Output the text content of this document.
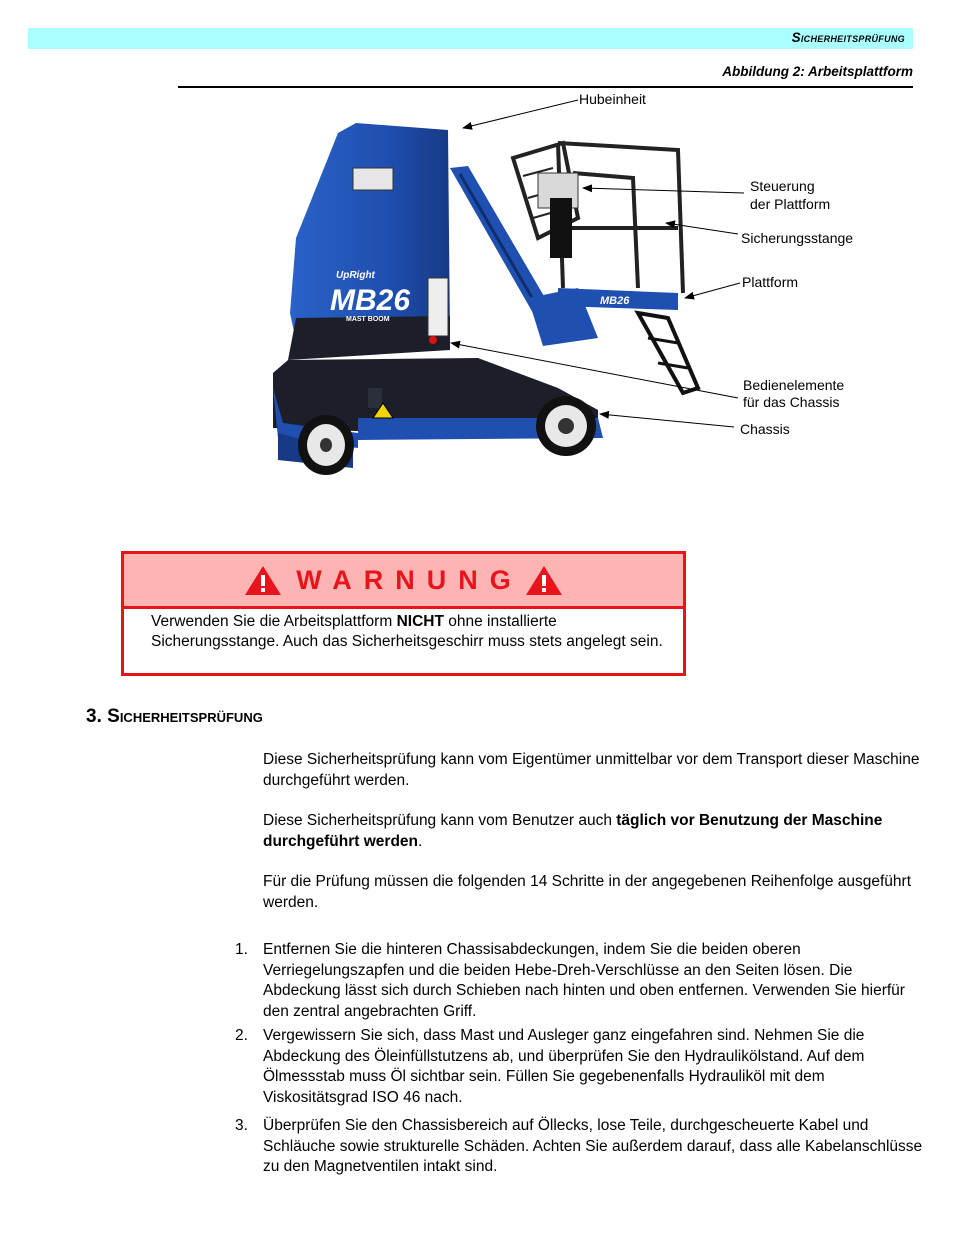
Sicherheitsprüfung
Abbildung 2: Arbeitsplattform
UpRight
MB26
MAST BOOM
MB26
Hubeinheit
Steuerung
der Plattform
Sicherungsstange
Plattform
Bedienelemente
für das Chassis
Chassis
WARNUNG
Verwenden Sie die Arbeitsplattform NICHT ohne installierte Sicherungsstange. Auch das Sicherheitsgeschirr muss stets angelegt sein.
3. Sicherheitsprüfung

Diese Sicherheitsprüfung kann vom Eigentümer unmittelbar vor dem Transport dieser Maschine durchgeführt werden.

Diese Sicherheitsprüfung kann vom Benutzer auch täglich vor Benutzung der Maschine durchgeführt werden.

Für die Prüfung müssen die folgenden 14 Schritte in der angegebenen Reihenfolge ausgeführt werden.

1. Entfernen Sie die hinteren Chassisabdeckungen, indem Sie die beiden oberen Verriegelungszapfen und die beiden Hebe-Dreh-Verschlüsse an den Seiten lösen. Die Abdeckung lässt sich durch Schieben nach hinten und oben entfernen. Verwenden Sie hierfür den zentral angebrachten Griff.
2. Vergewissern Sie sich, dass Mast und Ausleger ganz eingefahren sind. Nehmen Sie die Abdeckung des Öleinfüllstutzens ab, und überprüfen Sie den Hydraulikölstand. Auf dem Ölmessstab muss Öl sichtbar sein. Füllen Sie gegebenenfalls Hydrauliköl mit dem Viskositätsgrad ISO 46 nach.
3. Überprüfen Sie den Chassisbereich auf Öllecks, lose Teile, durchgescheuerte Kabel und Schläuche sowie strukturelle Schäden. Achten Sie außerdem darauf, dass alle Kabelanschlüsse zu den Magnetventilen intakt sind.
